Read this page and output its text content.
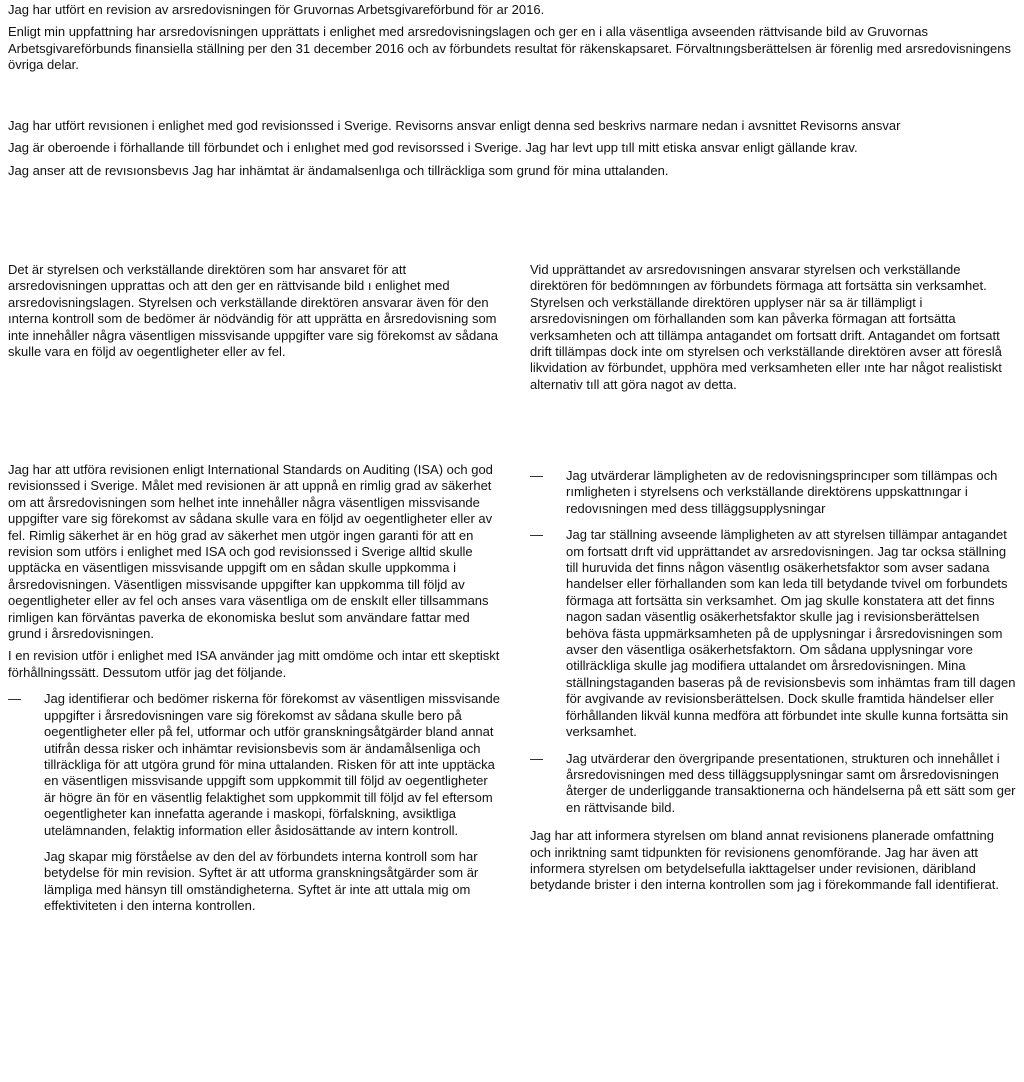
Jag har utfört en revision av arsredovisningen för Gruvornas Arbetsgivareförbund för ar 2016.

Enligt min uppfattning har arsredovisningen upprättats i enlighet med arsredovisningslagen och ger en i alla väsentliga avseenden rättvisande bild av Gruvornas Arbetsgivareförbunds finansiella ställning per den 31 december 2016 och av förbundets resultat för räkenskapsaret. Förvaltnıngsberättelsen är förenlig med arsredovisningens övriga delar.

Jag har utfört revısionen i enlighet med god revisionssed i Sverige. Revisorns ansvar enligt denna sed beskrivs narmare nedan i avsnittet Revisorns ansvar

Jag är oberoende i förhallande till förbundet och i enlıghet med god revisorssed i Sverige. Jag har levt upp tıll mitt etiska ansvar enligt gällande krav.

Jag anser att de revısıonsbevıs Jag har inhämtat är ändamalsenlıga och tillräckliga som grund för mina uttalanden.

Det är styrelsen och verkställande direktören som har ansvaret för att arsredovisningen upprattas och att den ger en rättvisande bild ı enlighet med arsredovisningslagen. Styrelsen och verkställande direktören ansvarar även för den ınterna kontroll som de bedömer är nödvändig för att upprätta en årsredovisning som inte innehåller några väsentligen missvisande uppgifter vare sig förekomst av sådana skulle vara en följd av oegentligheter eller av fel.

Vid upprättandet av arsredovısningen ansvarar styrelsen och verkställande direktören för bedömnıngen av förbundets förmaga att fortsätta sin verksamhet. Styrelsen och verkställande direktören upplyser när sa är tillämpligt i arsredovisningen om förhallanden som kan påverka förmagan att fortsätta verksamheten och att tillämpa antagandet om fortsatt drift. Antagandet om fortsatt drift tillämpas dock inte om styrelsen och verkställande direktören avser att föreslå likvidation av förbundet, upphöra med verksamheten eller ınte har något realistiskt alternativ tıll att göra nagot av detta.

Jag har att utföra revisionen enligt International Standards on Auditing (ISA) och god revisionssed i Sverige. Målet med revisionen är att uppnå en rimlig grad av säkerhet om att årsredovisningen som helhet inte innehåller några väsentligen missvisande uppgifter vare sig förekomst av sådana skulle vara en följd av oegentligheter eller av fel. Rimlig säkerhet är en hög grad av säkerhet men utgör ingen garanti för att en revision som utförs i enlighet med ISA och god revisionssed i Sverige alltid skulle upptäcka en väsentligen missvisande uppgift om en sådan skulle uppkomma i årsredovisningen. Väsentligen missvisande uppgifter kan uppkomma till följd av oegentligheter eller av fel och anses vara väsentliga om de enskılt eller tillsammans rimligen kan förväntas paverka de ekonomiska beslut som användare fattar med grund i årsredovisningen.

I en revision utför i enlighet med ISA använder jag mitt omdöme och intar ett skeptiskt förhållningssätt. Dessutom utför jag det följande.

— Jag identifierar och bedömer riskerna för förekomst av väsentligen missvisande uppgifter i årsredovisningen vare sig förekomst av sådana skulle bero på oegentligheter eller på fel, utformar och utför granskningsåtgärder bland annat utifrån dessa risker och inhämtar revisionsbevis som är ändamålsenliga och tillräckliga för att utgöra grund för mina uttalanden. Risken för att inte upptäcka en väsentligen missvisande uppgift som uppkommit till följd av oegentligheter är högre än för en väsentlig felaktighet som uppkommit till följd av fel eftersom oegentligheter kan innefatta agerande i maskopi, förfalskning, avsiktliga utelämnanden, felaktig information eller åsidosättande av intern kontroll.
Jag skapar mig förståelse av den del av förbundets interna kontroll som har betydelse för min revision. Syftet är att utforma granskningsåtgärder som är lämpliga med hänsyn till omständigheterna. Syftet är inte att uttala mig om effektiviteten i den interna kontrollen.
— Jag utvärderar lämpligheten av de redovisningsprincıper som tillämpas och rımligheten i styrelsens och verkställande direktörens uppskattnıngar i redovısningen med dess tilläggsupplysningar
— Jag tar ställning avseende lämpligheten av att styrelsen tillämpar antagandet om fortsatt drıft vid upprättandet av arsredovisningen. Jag tar ocksa ställning till huruvida det finns någon väsentlıg osäkerhetsfaktor som avser sadana handelser eller förhallanden som kan leda till betydande tvivel om forbundets förmaga att fortsätta sin verksamhet. Om jag skulle konstatera att det finns nagon sadan väsentlig osäkerhetsfaktor skulle jag i revisionsberättelsen behöva fästa uppmärksamheten på de upplysningar i årsredovisningen som avser den väsentliga osäkerhetsfaktorn. Om sådana upplysningar vore otillräckliga skulle jag modifiera uttalandet om årsredovisningen. Mina ställningstaganden baseras på de revisionsbevis som inhämtas fram till dagen för avgivande av revisionsberättelsen. Dock skulle framtida händelser eller förhållanden likväl kunna medföra att förbundet inte skulle kunna fortsätta sin verksamhet.
— Jag utvärderar den övergripande presentationen, strukturen och innehållet i årsredovisningen med dess tilläggsupplysningar samt om årsredovisningen återger de underliggande transaktionerna och händelserna på ett sätt som ger en rättvisande bild.

Jag har att informera styrelsen om bland annat revisionens planerade omfattning och inriktning samt tidpunkten för revisionens genomförande. Jag har även att informera styrelsen om betydelsefulla iakttagelser under revisionen, däribland betydande brister i den interna kontrollen som jag i förekommande fall identifierat.
